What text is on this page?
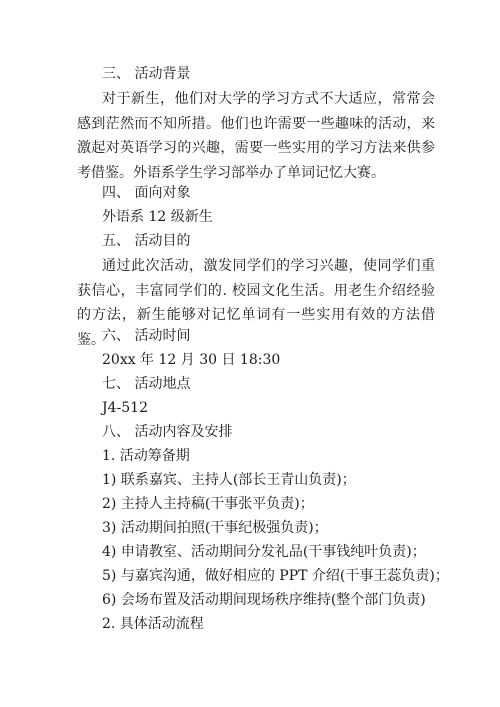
三、 活动背景
对于新生，他们对大学的学习方式不大适应，常常会感到茫然而不知所措。他们也许需要一些趣味的活动，来激起对英语学习的兴趣，需要一些实用的学习方法来供参考借鉴。外语系学生学习部举办了单词记忆大赛。
四、 面向对象
外语系 12 级新生
五、 活动目的
通过此次活动，激发同学们的学习兴趣，使同学们重获信心，丰富同学们的. 校园文化生活。用老生介绍经验的方法，新生能够对记忆单词有一些实用有效的方法借鉴。
六、 活动时间
20xx 年 12 月 30 日 18:30
七、 活动地点
J4-512
八、 活动内容及安排
1. 活动筹备期
1) 联系嘉宾、主持人(部长王青山负责)；
2) 主持人主持稿(干事张平负责)；
3) 活动期间拍照(干事纪极强负责)；
4) 申请教室、活动期间分发礼品(干事钱纯叶负责)；
5) 与嘉宾沟通，做好相应的 PPT 介绍(干事王蕊负责)；
6) 会场布置及活动期间现场秩序维持(整个部门负责)
2. 具体活动流程
